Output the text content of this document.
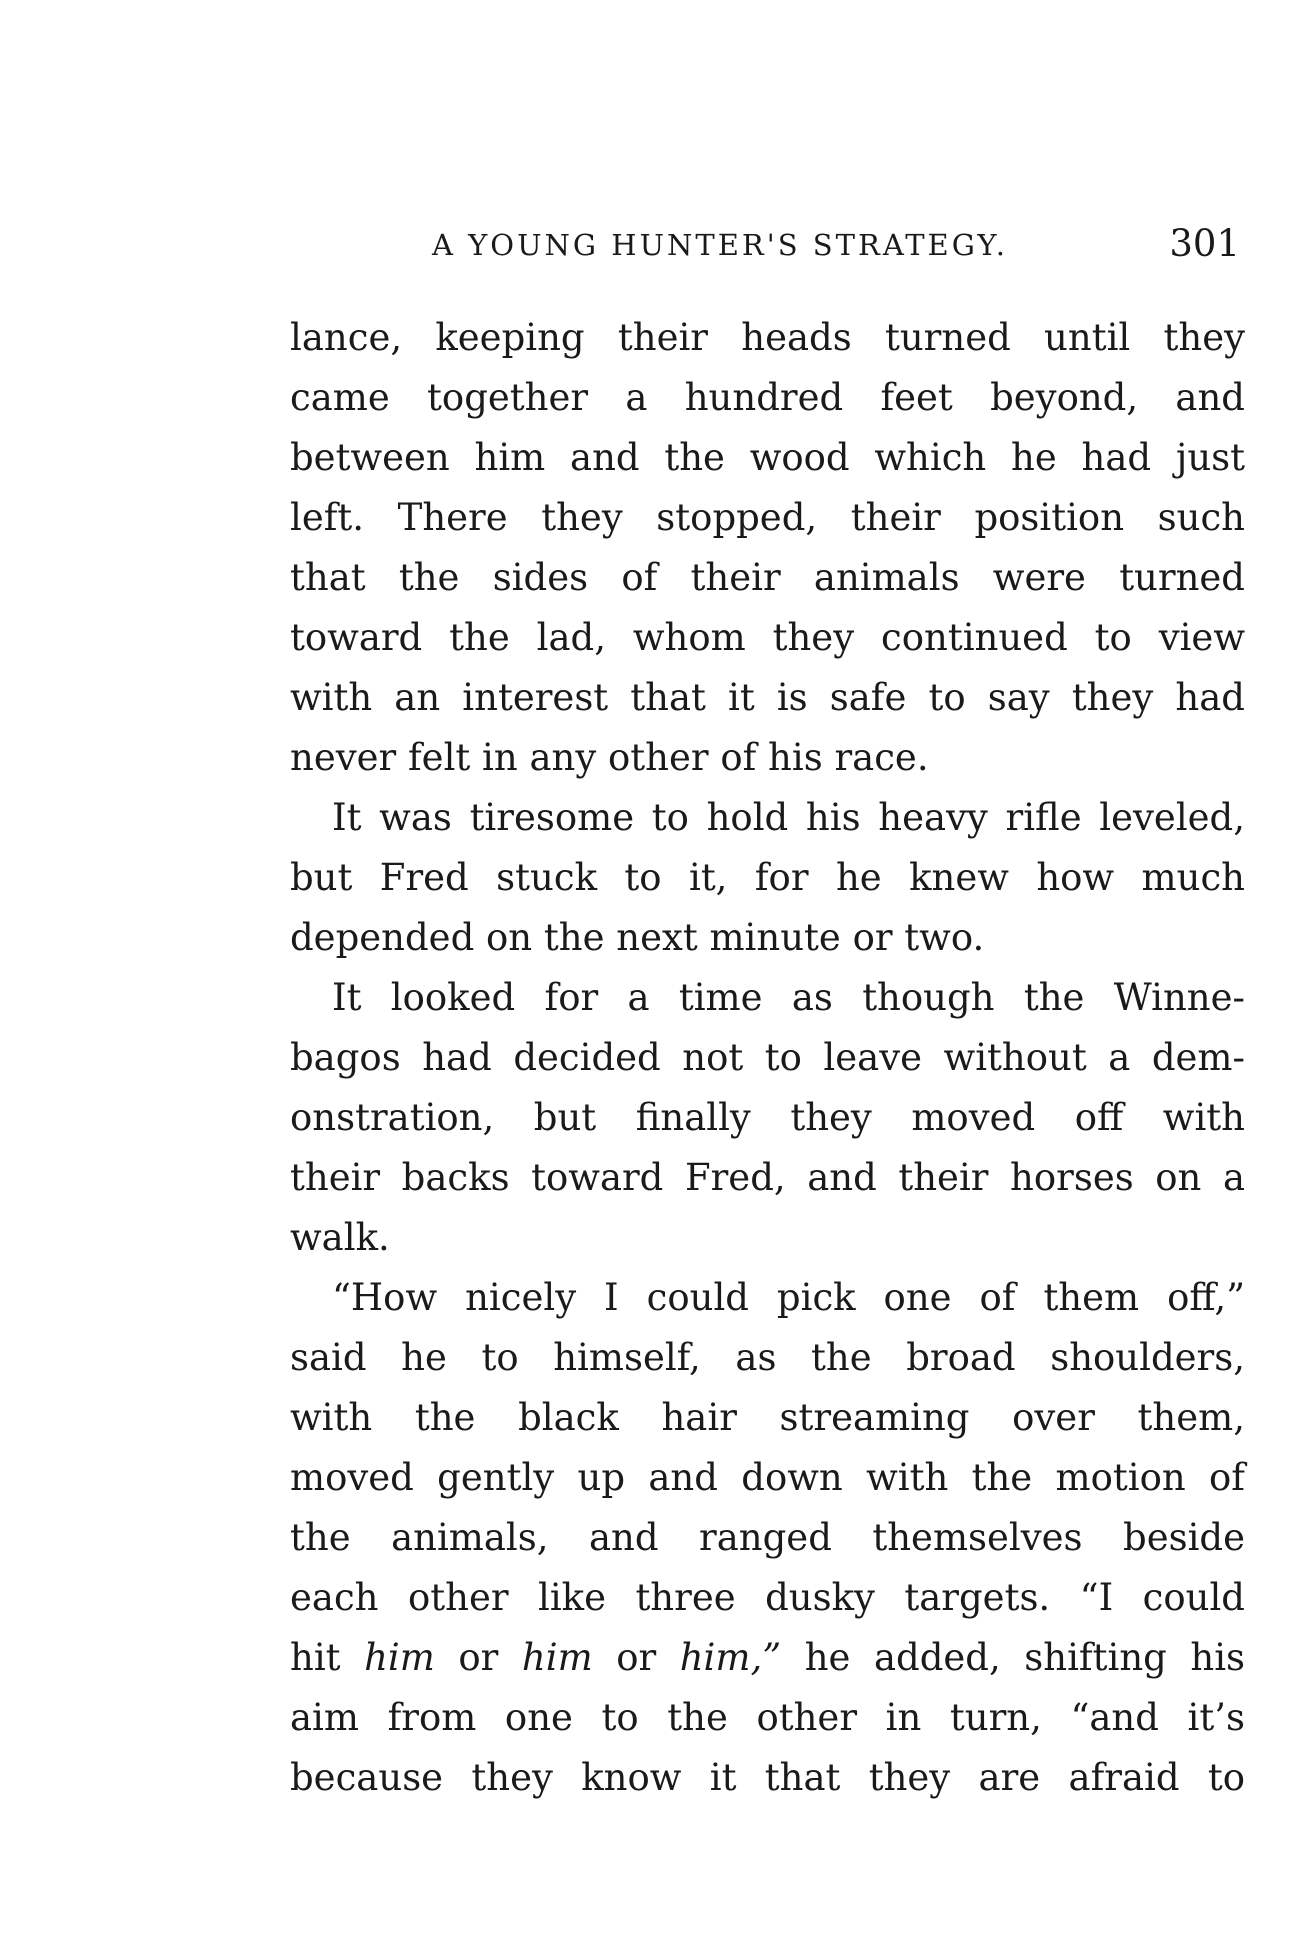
A YOUNG HUNTER'S STRATEGY.	301
lance, keeping their heads turned until they
came together a hundred feet beyond, and
between him and the wood which he had just
left. There they stopped, their position such
that the sides of their animals were turned
toward the lad, whom they continued to view
with an interest that it is safe to say they had
never felt in any other of his race.
It was tiresome to hold his heavy rifle leveled,
but Fred stuck to it, for he knew how much
depended on the next minute or two.
It looked for a time as though the Winne-
bagos had decided not to leave without a dem-
onstration, but finally they moved off with
their backs toward Fred, and their horses on a
walk.
“How nicely I could pick one of them off,”
said he to himself, as the broad shoulders,
with the black hair streaming over them,
moved gently up and down with the motion of
the animals, and ranged themselves beside
each other like three dusky targets. “I could
hit him or him or him,” he added, shifting his
aim from one to the other in turn, “and it’s
because they know it that they are afraid to
